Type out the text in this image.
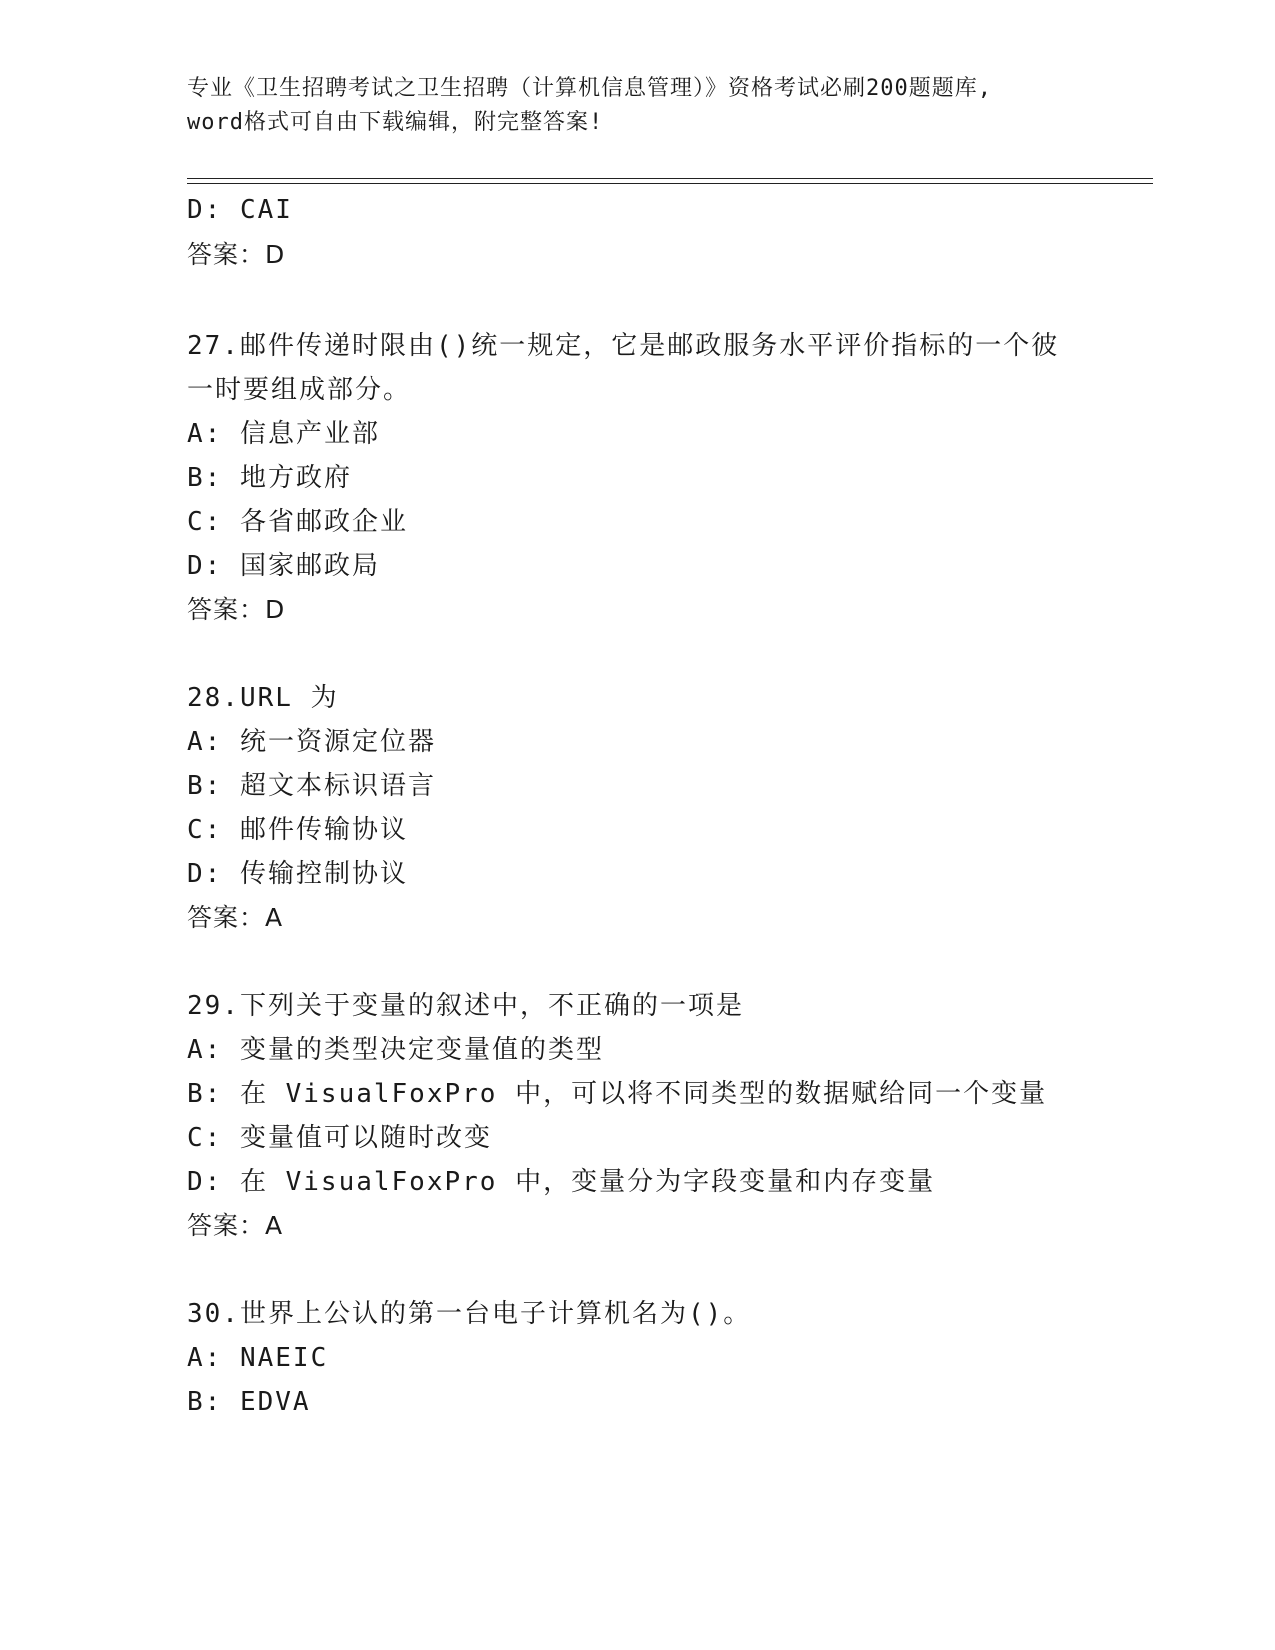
专业《卫生招聘考试之卫生招聘（计算机信息管理）》资格考试必刷200题题库,
word格式可自由下载编辑，附完整答案!
D: CAI
答案：D
27.邮件传递时限由()统一规定，它是邮政服务水平评价指标的一个彼
一时要组成部分。
A: 信息产业部
B: 地方政府
C: 各省邮政企业
D: 国家邮政局
答案：D
28.URL 为
A: 统一资源定位器
B: 超文本标识语言
C: 邮件传输协议
D: 传输控制协议
答案：A
29.下列关于变量的叙述中，不正确的一项是
A: 变量的类型决定变量值的类型
B: 在 VisualFoxPro 中，可以将不同类型的数据赋给同一个变量
C: 变量值可以随时改变
D: 在 VisualFoxPro 中，变量分为字段变量和内存变量
答案：A
30.世界上公认的第一台电子计算机名为()。
A: NAEIC
B: EDVA
